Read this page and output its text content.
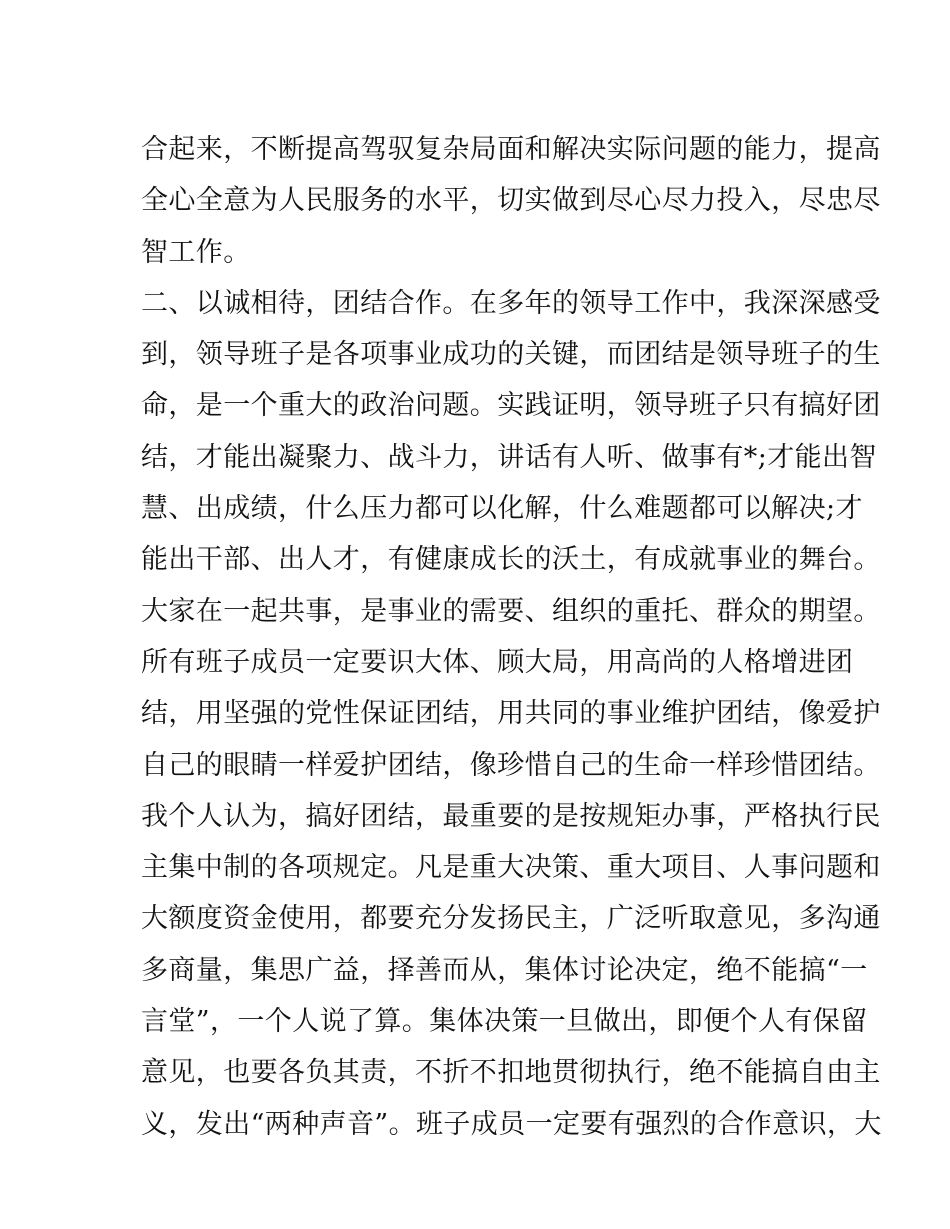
合起来，不断提高驾驭复杂局面和解决实际问题的能力，提高
全心全意为人民服务的水平，切实做到尽心尽力投入，尽忠尽
智工作。
二、以诚相待，团结合作。在多年的领导工作中，我深深感受
到，领导班子是各项事业成功的关键，而团结是领导班子的生
命，是一个重大的政治问题。实践证明，领导班子只有搞好团
结，才能出凝聚力、战斗力，讲话有人听、做事有*;才能出智
慧、出成绩，什么压力都可以化解，什么难题都可以解决;才
能出干部、出人才，有健康成长的沃土，有成就事业的舞台。
大家在一起共事，是事业的需要、组织的重托、群众的期望。
所有班子成员一定要识大体、顾大局，用高尚的人格增进团
结，用坚强的党性保证团结，用共同的事业维护团结，像爱护
自己的眼睛一样爱护团结，像珍惜自己的生命一样珍惜团结。
我个人认为，搞好团结，最重要的是按规矩办事，严格执行民
主集中制的各项规定。凡是重大决策、重大项目、人事问题和
大额度资金使用，都要充分发扬民主，广泛听取意见，多沟通
多商量，集思广益，择善而从，集体讨论决定，绝不能搞“一
言堂”，一个人说了算。集体决策一旦做出，即便个人有保留
意见，也要各负其责，不折不扣地贯彻执行，绝不能搞自由主
义，发出“两种声音”。班子成员一定要有强烈的合作意识，大
